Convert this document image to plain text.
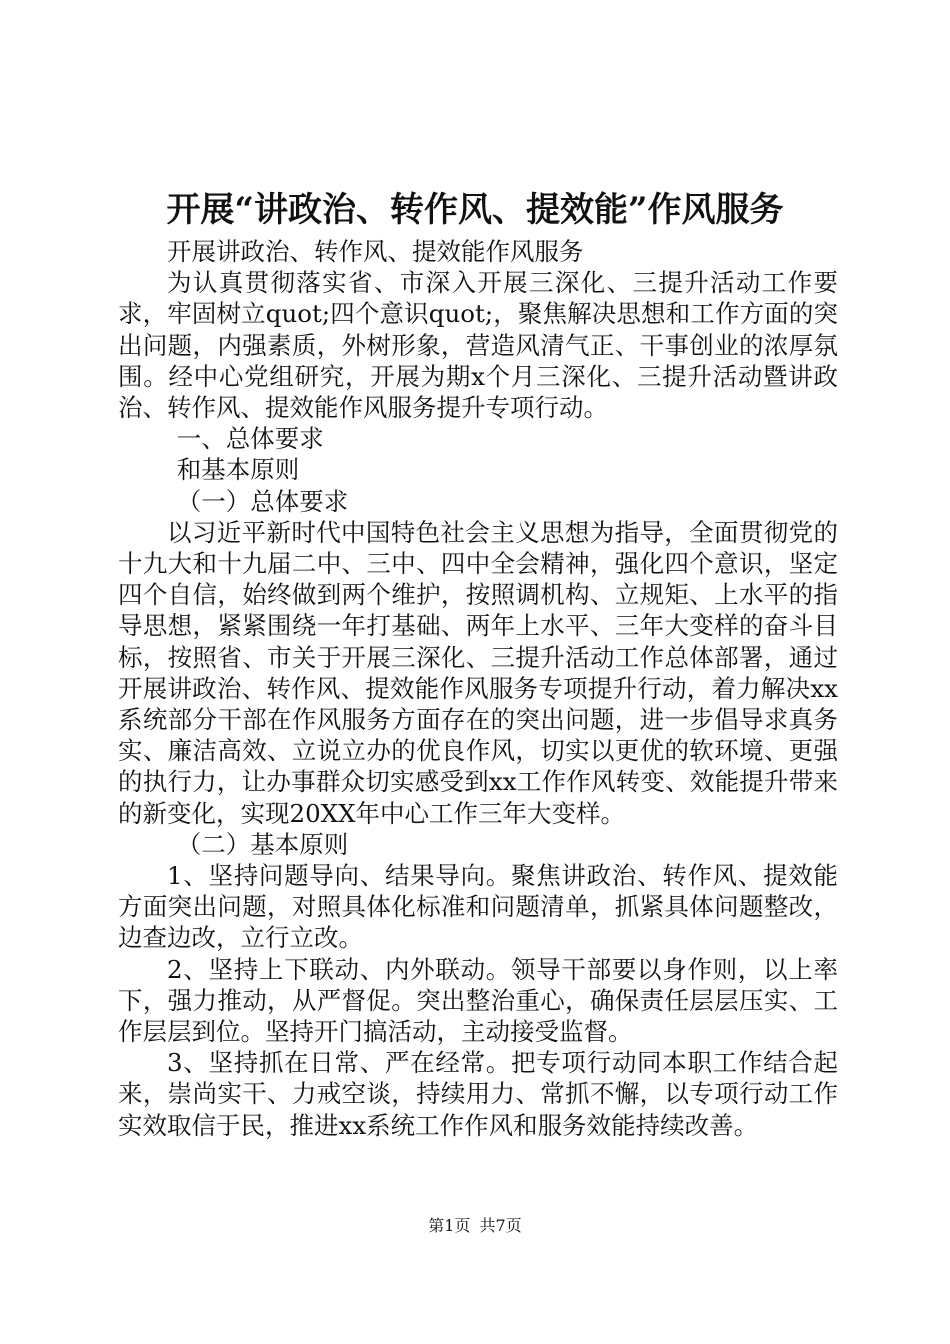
开展“讲政治、转作风、提效能”作风服务

开展讲政治、转作风、提效能作风服务

为认真贯彻落实省、市深入开展三深化、三提升活动工作要求，牢固树立quot;四个意识quot;，聚焦解决思想和工作方面的突出问题，内强素质，外树形象，营造风清气正、干事创业的浓厚氛围。经中心党组研究，开展为期x个月三深化、三提升活动暨讲政治、转作风、提效能作风服务提升专项行动。

一、总体要求

和基本原则

（一）总体要求

以习近平新时代中国特色社会主义思想为指导，全面贯彻党的十九大和十九届二中、三中、四中全会精神，强化四个意识，坚定四个自信，始终做到两个维护，按照调机构、立规矩、上水平的指导思想，紧紧围绕一年打基础、两年上水平、三年大变样的奋斗目标，按照省、市关于开展三深化、三提升活动工作总体部署，通过开展讲政治、转作风、提效能作风服务专项提升行动，着力解决xx系统部分干部在作风服务方面存在的突出问题，进一步倡导求真务实、廉洁高效、立说立办的优良作风，切实以更优的软环境、更强的执行力，让办事群众切实感受到xx工作作风转变、效能提升带来的新变化，实现20XX年中心工作三年大变样。

（二）基本原则

1、坚持问题导向、结果导向。聚焦讲政治、转作风、提效能方面突出问题，对照具体化标准和问题清单，抓紧具体问题整改，边查边改，立行立改。

2、坚持上下联动、内外联动。领导干部要以身作则，以上率下，强力推动，从严督促。突出整治重心，确保责任层层压实、工作层层到位。坚持开门搞活动，主动接受监督。

3、坚持抓在日常、严在经常。把专项行动同本职工作结合起来，崇尚实干、力戒空谈，持续用力、常抓不懈，以专项行动工作实效取信于民，推进xx系统工作作风和服务效能持续改善。

第1页 共7页
